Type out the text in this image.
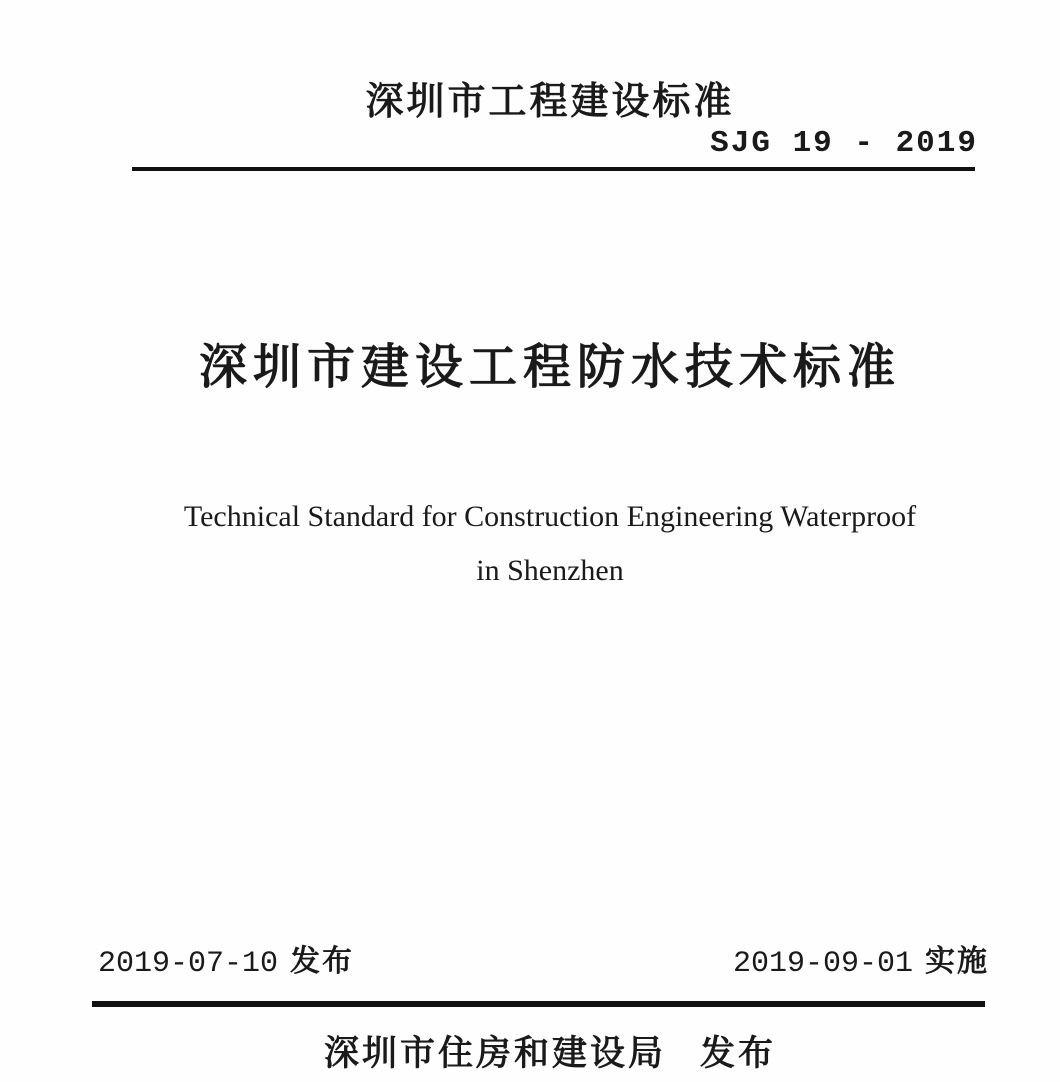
深圳市工程建设标准
SJG 19 - 2019
深圳市建设工程防水技术标准
Technical Standard for Construction Engineering Waterproof
in Shenzhen
2019-07-10 发布	2019-09-01 实施
深圳市住房和建设局 发布
